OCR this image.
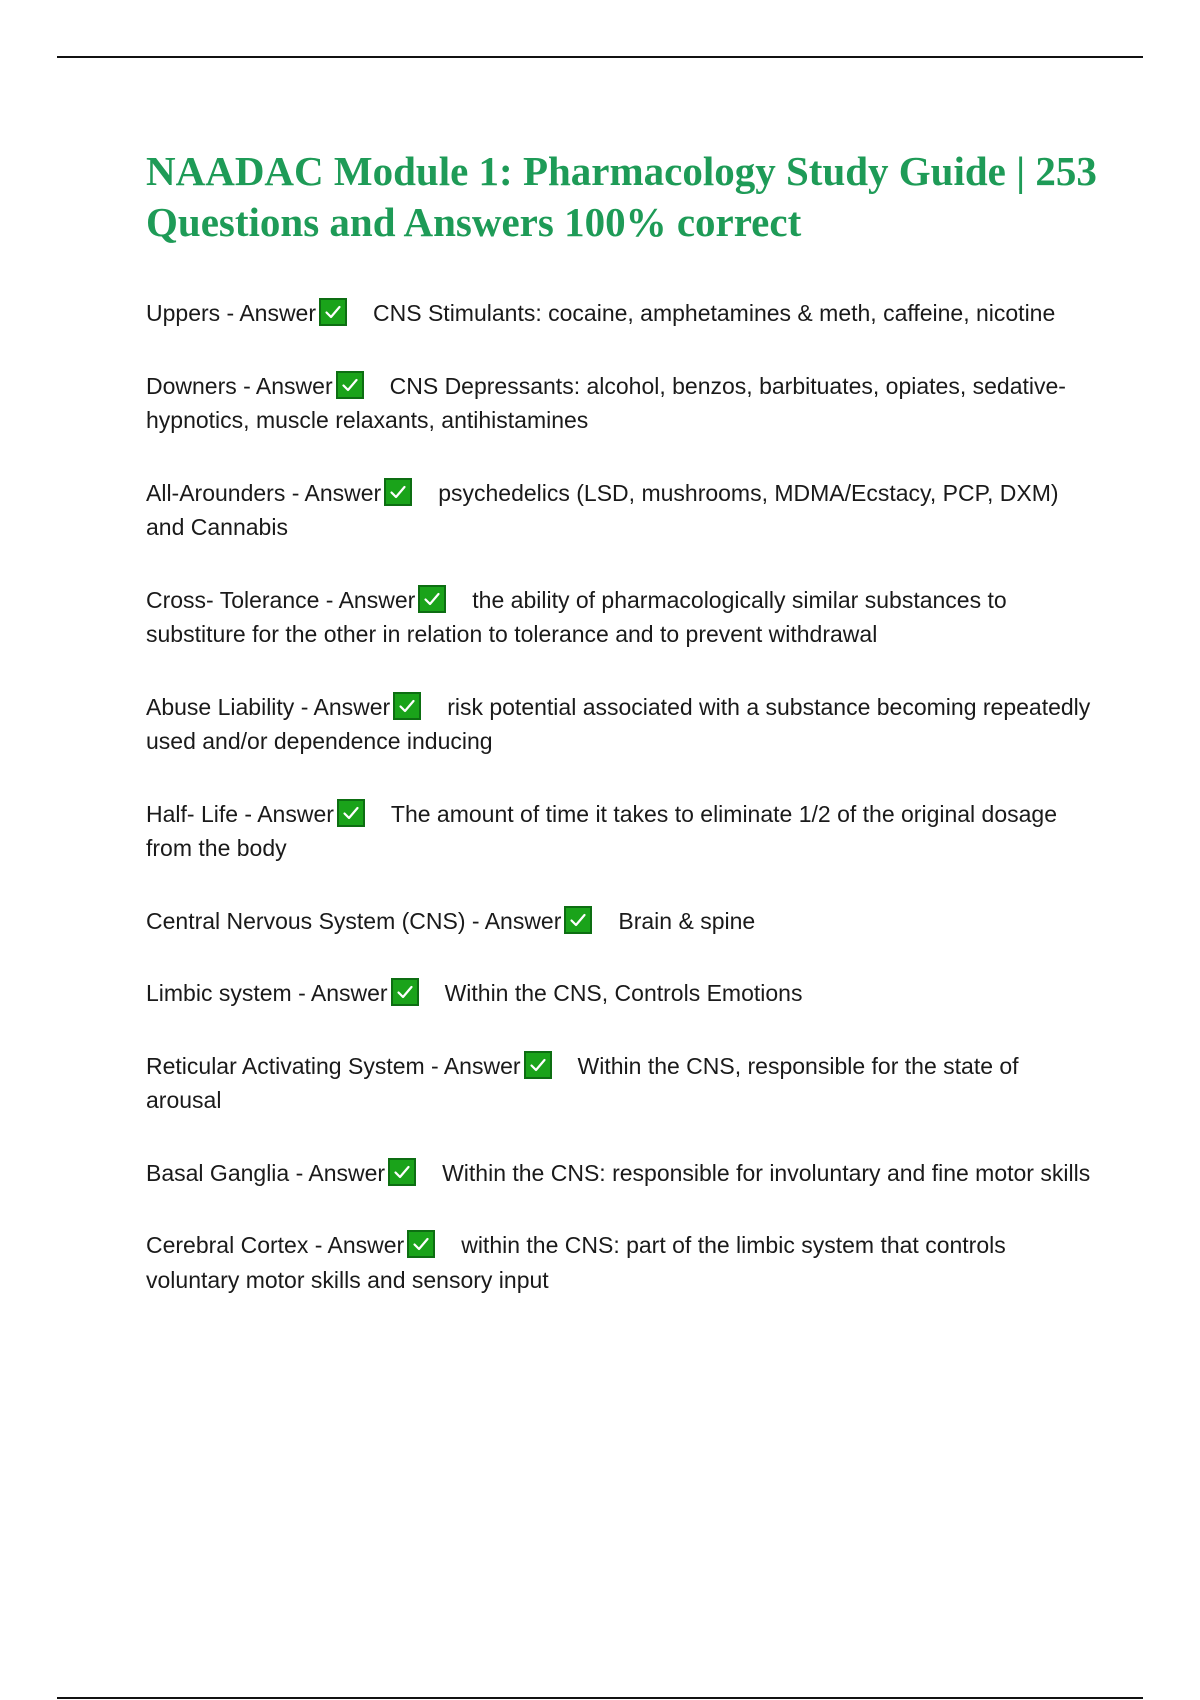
NAADAC Module 1: Pharmacology Study Guide | 253 Questions and Answers 100% correct
Uppers - Answer CNS Stimulants: cocaine, amphetamines & meth, caffeine, nicotine
Downers - Answer CNS Depressants: alcohol, benzos, barbituates, opiates, sedative- hypnotics, muscle relaxants, antihistamines
All-Arounders - Answer psychedelics (LSD, mushrooms, MDMA/Ecstacy, PCP, DXM) and Cannabis
Cross- Tolerance - Answer the ability of pharmacologically similar substances to substiture for the other in relation to tolerance and to prevent withdrawal
Abuse Liability - Answer risk potential associated with a substance becoming repeatedly used and/or dependence inducing
Half- Life - Answer The amount of time it takes to eliminate 1/2 of the original dosage from the body
Central Nervous System (CNS) - Answer Brain & spine
Limbic system - Answer Within the CNS, Controls Emotions
Reticular Activating System - Answer Within the CNS, responsible for the state of arousal
Basal Ganglia - Answer Within the CNS: responsible for involuntary and fine motor skills
Cerebral Cortex - Answer within the CNS: part of the limbic system that controls voluntary motor skills and sensory input
